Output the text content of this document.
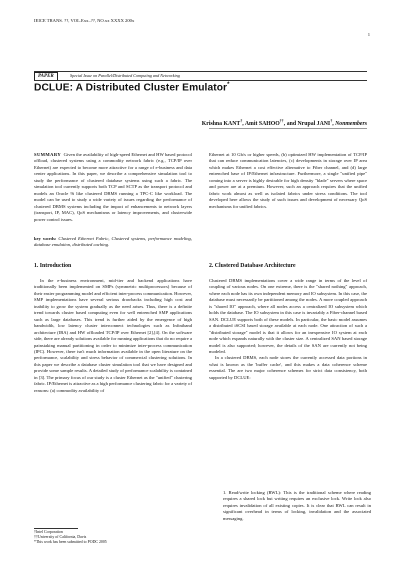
IEICE TRANS. ??, VOL.Exx–??, NO.xx XXXX 200x
1
PAPER	Special Issue on Parallel/Distributed Computing and Networking
DCLUE: A Distributed Cluster Emulator*
Krishna KANT†, Amit SAHOO††, and Nrupal JANI†, Nonmembers

SUMMARY Given the availability of high-speed Ethernet and HW based protocol offload, clustered systems using a commodity network fabric (e.g., TCP/IP over Ethernet) are expected to become more attractive for a range of e-business and data center applications. In this paper, we describe a comprehensive simulation tool to study the performance of clustered database systems using such a fabric. The simulation tool currently supports both TCP and SCTP as the transport protocol and models an Oracle 9i like clustered DBMS running a TPC-C like workload. The model can be used to study a wide variety of issues regarding the performance of clustered DBMS systems including the impact of enhancements to network layers (transport, IP, MAC), QoS mechanisms or latency improvements, and clusterwide power control issues.

key words: Clustered Ethernet Fabric, Clustered systems, performance modeling, database emulation, distributed caching.

1. Introduction

In the e-business environment, mid-tier and backend applications have traditionally been implemented on SMPs (symmetric multiprocessors) because of their easier programming model and efficient inter-process communication. However, SMP implementations have several serious drawbacks including high cost and inability to grow the system gradually as the need arises. Thus, there is a definite trend towards cluster based computing even for well entrenched SMP applications such as large databases. This trend is further aided by the emergence of high bandwidth, low latency cluster interconnect technologies such as Infiniband architecture (IBA) and HW offloaded TCP/IP over Ethernet [2],[4]. On the software side, there are already solutions available for running applications that do no require a painstaking manual partitioning in order to minimize inter-process communication (IPC). However, there isn't much information available in the open literature on the performance, scalability and stress behavior of commercial clustering solutions. In this paper we describe a database cluster simulation tool that we have designed and provide some sample results. A detailed study of performance scalability is contained in [3]. The primary focus of our study is a cluster Ethernet as the "unified" clustering fabric. IP/Ethernet is attractive as a high performance clustering fabric for a variety of reasons: (a) commodity availability of

Ethernet at 10 Gb/s or higher speeds, (b) optimized HW implementation of TCP/IP that can reduce communication latencies, (c) developments in storage over IP area which makes Ethernet a cost effective alternative to Fiber channel, and (d) large entrenched base of IP/Ethernet infrastructure. Furthermore, a single "unified pipe" coming into a server is highly desirable for high density "blade" servers where space and power are at a premium. However, such an approach requires that the unified fabric work almost as well as isolated fabrics under stress conditions. The tool developed here allows the study of such issues and development of necessary QoS mechanisms for unified fabrics.

2. Clustered Database Architecture

Clustered DBMS implementations cover a wide range in terms of the level of coupling of various nodes. On one extreme, there is the "shared nothing" approach, where each node has its own independent memory and IO subsystem. In this case, the database must necessarily be partitioned among the nodes. A more coupled approach is "shared IO" approach, where all nodes access a centralized IO subsystem which holds the database. The IO subsystem in this case is invariably a Fiber-channel based SAN. DCLUE supports both of these models. In particular, the basic model assumes a distributed iSCSI based storage available at each node. One attraction of such a "distributed storage" model is that it allows for an inexpensive IO system at each node which expands naturally with the cluster size. A centralized SAN based storage model is also supported; however, the details of the SAN are currently not being modeled.

In a clustered DBMS, each node stores the currently accessed data portions in what is known as the 'buffer cache', and this makes a data coherence scheme essential. The are two major coherence schemes for strict data consistency, both supported by DCLUE:

1. Read/write locking (RWL): This is the traditional scheme where reading requires a shared lock but writing requires an exclusive lock. Write lock also requires invalidation of all existing copies. It is clear that RWL can result in significant overhead in terms of locking, invalidation and the associated messaging.

†Intel Corporation
††University of California, Davis
*This work has been submitted to PODC 2005
